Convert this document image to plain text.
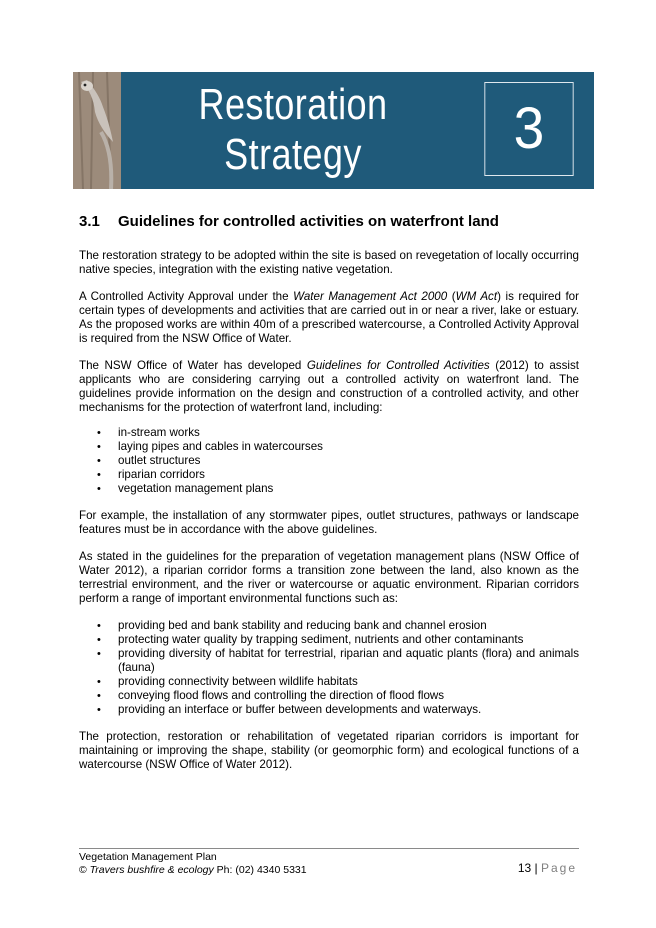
Restoration
Strategy	3
3.1 Guidelines for controlled activities on waterfront land

The restoration strategy to be adopted within the site is based on revegetation of locally occurring native species, integration with the existing native vegetation.

A Controlled Activity Approval under the Water Management Act 2000 (WM Act) is required for certain types of developments and activities that are carried out in or near a river, lake or estuary. As the proposed works are within 40m of a prescribed watercourse, a Controlled Activity Approval is required from the NSW Office of Water.

The NSW Office of Water has developed Guidelines for Controlled Activities (2012) to assist applicants who are considering carrying out a controlled activity on waterfront land. The guidelines provide information on the design and construction of a controlled activity, and other mechanisms for the protection of waterfront land, including:

• in-stream works
• laying pipes and cables in watercourses
• outlet structures
• riparian corridors
• vegetation management plans

For example, the installation of any stormwater pipes, outlet structures, pathways or landscape features must be in accordance with the above guidelines.

As stated in the guidelines for the preparation of vegetation management plans (NSW Office of Water 2012), a riparian corridor forms a transition zone between the land, also known as the terrestrial environment, and the river or watercourse or aquatic environment. Riparian corridors perform a range of important environmental functions such as:

• providing bed and bank stability and reducing bank and channel erosion
• protecting water quality by trapping sediment, nutrients and other contaminants
• providing diversity of habitat for terrestrial, riparian and aquatic plants (flora) and animals (fauna)
• providing connectivity between wildlife habitats
• conveying flood flows and controlling the direction of flood flows
• providing an interface or buffer between developments and waterways.

The protection, restoration or rehabilitation of vegetated riparian corridors is important for maintaining or improving the shape, stability (or geomorphic form) and ecological functions of a watercourse (NSW Office of Water 2012).

Vegetation Management Plan
© Travers bushfire & ecology Ph: (02) 4340 5331	13 | Page
